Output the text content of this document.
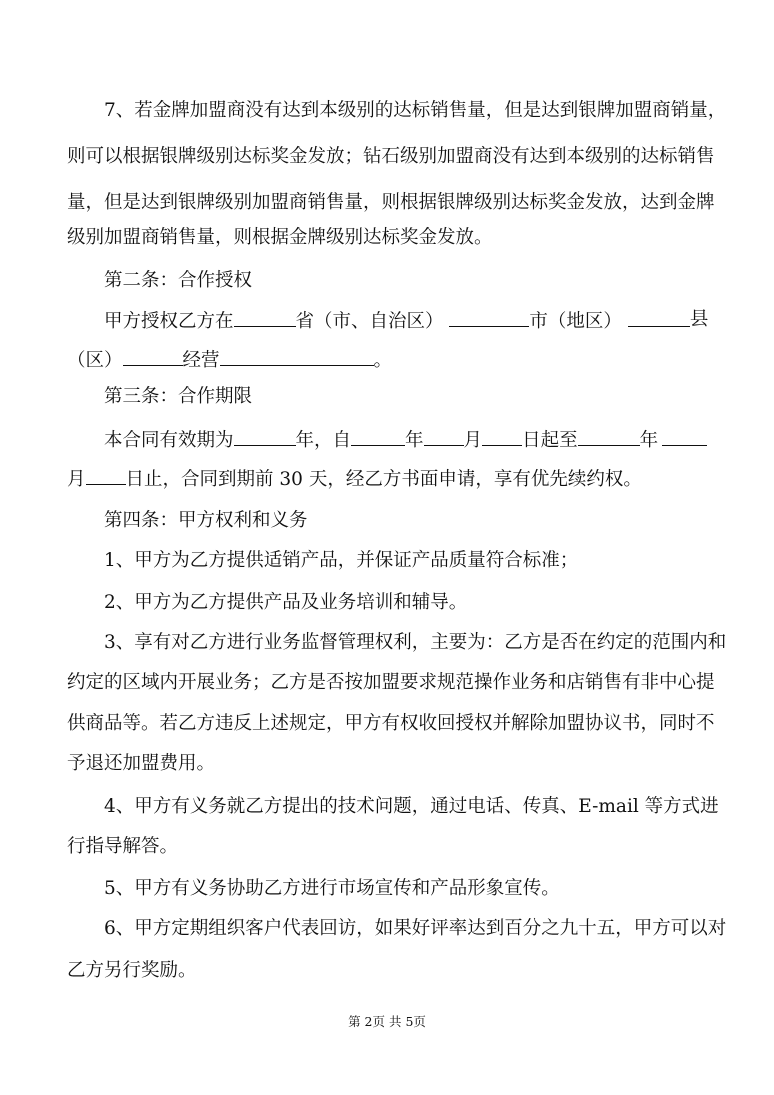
7、若金牌加盟商没有达到本级别的达标销售量，但是达到银牌加盟商销量，
则可以根据银牌级别达标奖金发放；钻石级别加盟商没有达到本级别的达标销售
量，但是达到银牌级别加盟商销售量，则根据银牌级别达标奖金发放，达到金牌
级别加盟商销售量，则根据金牌级别达标奖金发放。
第二条：合作授权
甲方授权乙方在	省（市、自治区）	市（地区）	县
（区）	经营	。
第三条：合作期限
本合同有效期为	年，自	年 月 日起至	年
月 日止，合同到期前 30 天，经乙方书面申请，享有优先续约权。
第四条：甲方权利和义务
1、甲方为乙方提供适销产品，并保证产品质量符合标准；
2、甲方为乙方提供产品及业务培训和辅导。
3、享有对乙方进行业务监督管理权利，主要为：乙方是否在约定的范围内和
约定的区域内开展业务；乙方是否按加盟要求规范操作业务和店销售有非中心提
供商品等。若乙方违反上述规定，甲方有权收回授权并解除加盟协议书，同时不
予退还加盟费用。
4、甲方有义务就乙方提出的技术问题，通过电话、传真、E-mail 等方式进
行指导解答。
5、甲方有义务协助乙方进行市场宣传和产品形象宣传。
6、甲方定期组织客户代表回访，如果好评率达到百分之九十五，甲方可以对
乙方另行奖励。
第 2页 共 5页
